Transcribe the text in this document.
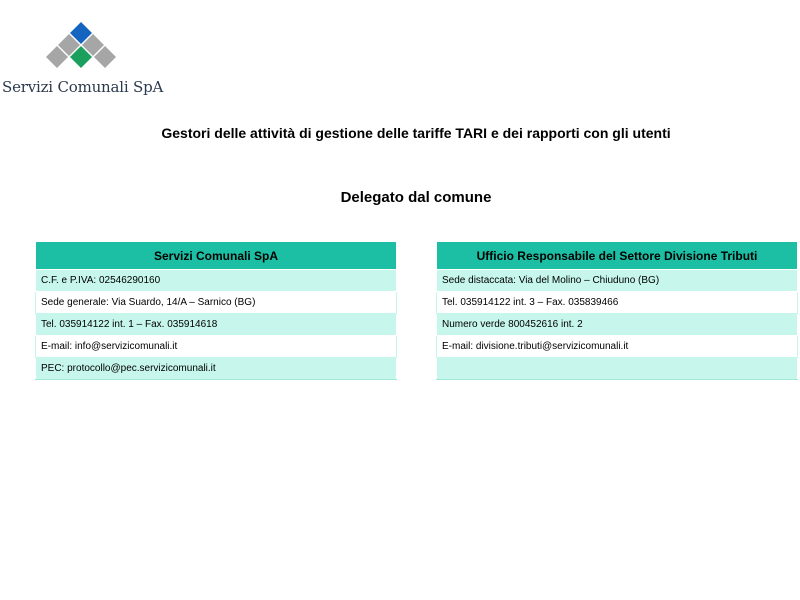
Servizi Comunali SpA
Gestori delle attività di gestione delle tariffe TARI e dei rapporti con gli utenti
Delegato dal comune
Servizi Comunali SpA
C.F. e P.IVA: 02546290160
Sede generale: Via Suardo, 14/A – Sarnico (BG)
Tel. 035914122 int. 1 – Fax. 035914618
E-mail: info@servizicomunali.it
PEC: protocollo@pec.servizicomunali.it
Ufficio Responsabile del Settore Divisione Tributi
Sede distaccata: Via del Molino – Chiuduno (BG)
Tel. 035914122 int. 3 – Fax. 035839466
Numero verde 800452616 int. 2
E-mail: divisione.tributi@servizicomunali.it
